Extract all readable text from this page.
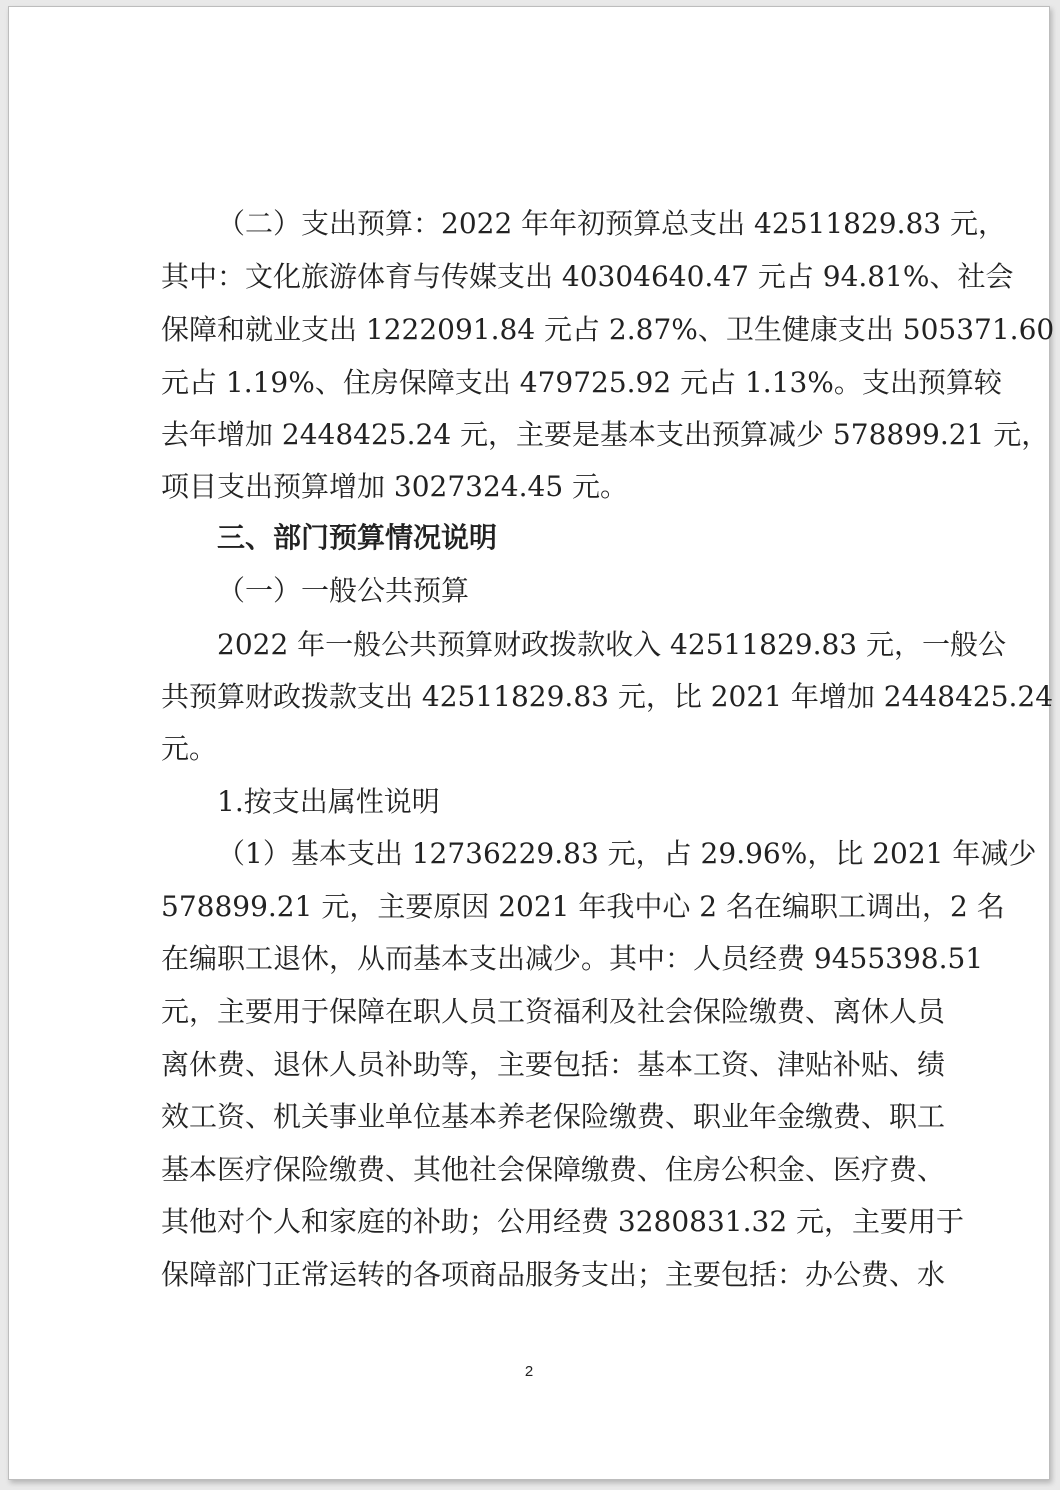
（二）支出预算：2022 年年初预算总支出 42511829.83 元，
其中：文化旅游体育与传媒支出 40304640.47 元占 94.81%、社会
保障和就业支出 1222091.84 元占 2.87%、卫生健康支出 505371.60
元占 1.19%、住房保障支出 479725.92 元占 1.13%。支出预算较
去年增加 2448425.24 元，主要是基本支出预算减少 578899.21 元，
项目支出预算增加 3027324.45 元。
三、部门预算情况说明
（一）一般公共预算
2022 年一般公共预算财政拨款收入 42511829.83 元，一般公
共预算财政拨款支出 42511829.83 元，比 2021 年增加 2448425.24
元。
1.按支出属性说明
（1）基本支出 12736229.83 元，占 29.96%，比 2021 年减少
578899.21 元，主要原因 2021 年我中心 2 名在编职工调出，2 名
在编职工退休，从而基本支出减少。其中：人员经费 9455398.51
元，主要用于保障在职人员工资福利及社会保险缴费、离休人员
离休费、退休人员补助等，主要包括：基本工资、津贴补贴、绩
效工资、机关事业单位基本养老保险缴费、职业年金缴费、职工
基本医疗保险缴费、其他社会保障缴费、住房公积金、医疗费、
其他对个人和家庭的补助；公用经费 3280831.32 元，主要用于
保障部门正常运转的各项商品服务支出；主要包括：办公费、水
2
